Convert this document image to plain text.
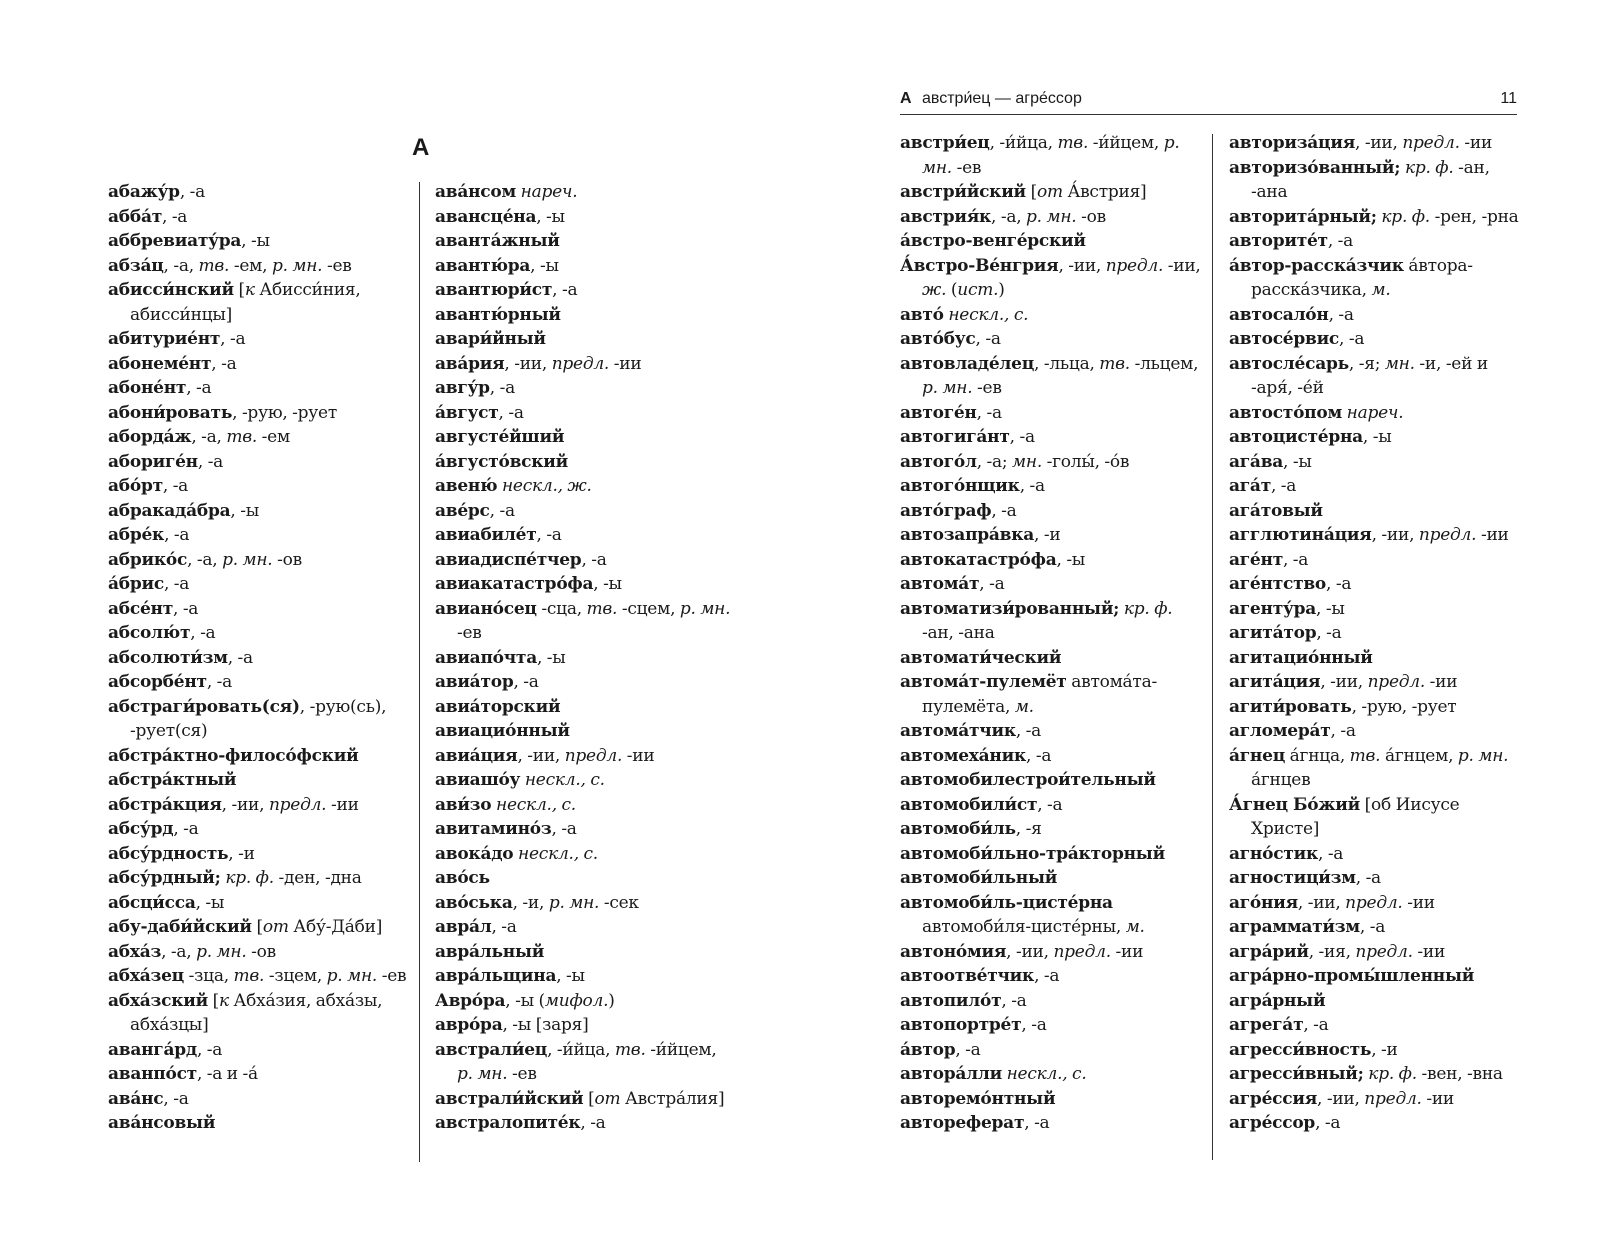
А
абажу́р, -а
абба́т, -а
аббревиату́ра, -ы
абза́ц, -а, тв. -ем, р. мн. -ев
абисси́нский [к Абисси́ния, абисси́нцы]
абитурие́нт, -а
абонеме́нт, -а
абоне́нт, -а
абони́ровать, -рую, -рует
аборда́ж, -а, тв. -ем
абориге́н, -а
або́рт, -а
абракада́бра, -ы
абре́к, -а
абрико́с, -а, р. мн. -ов
а́брис, -а
абсе́нт, -а
абсолю́т, -а
абсолюти́зм, -а
абсорбе́нт, -а
абстраги́ровать(ся), -рую(сь), -рует(ся)
абстра́ктно-филосо́фский
абстра́ктный
абстра́кция, -ии, предл. -ии
абсу́рд, -а
абсу́рдность, -и
абсу́рдный; кр. ф. -ден, -дна
абсци́сса, -ы
абу-даби́йский [от Абу́-Да́би]
абха́з, -а, р. мн. -ов
абха́зец -зца, тв. -зцем, р. мн. -ев
абха́зский [к Абха́зия, абха́зы, абха́зцы]
аванга́рд, -а
аванпо́ст, -а и -а́
ава́нс, -а
ава́нсовый
ава́нсом нареч.
авансце́на, -ы
аванта́жный
авантю́ра, -ы
авантюри́ст, -а
авантю́рный
авари́йный
ава́рия, -ии, предл. -ии
авгу́р, -а
а́вгуст, -а
августе́йший
а́вгусто́вский
авеню́ нескл., ж.
аве́рс, -а
авиабиле́т, -а
авиадиспе́тчер, -а
авиакатастро́фа, -ы
авиано́сец -сца, тв. -сцем, р. мн. -ев
авиапо́чта, -ы
авиа́тор, -а
авиа́торский
авиацио́нный
авиа́ция, -ии, предл. -ии
авиашо́у нескл., с.
ави́зо нескл., с.
авитамино́з, -а
авока́до нескл., с.
аво́сь
аво́ська, -и, р. мн. -сек
авра́л, -а
авра́льный
авра́льщина, -ы
Авро́ра, -ы (мифол.)
авро́ра, -ы [заря]
австрали́ец, -и́йца, тв. -и́йцем, р. мн. -ев
австрали́йский [от Австра́лия]
австралопите́к, -а
А австри́ец — агре́ссор	11
австри́ец, -и́йца, тв. -и́йцем, р. мн. -ев
австри́йский [от А́встрия]
австрия́к, -а, р. мн. -ов
а́встро-венге́рский
А́встро-Ве́нгрия, -ии, предл. -ии, ж. (ист.)
авто́ нескл., с.
авто́бус, -а
автовладе́лец, -льца, тв. -льцем, р. мн. -ев
автоге́н, -а
автогига́нт, -а
автого́л, -а; мн. -голы́, -о́в
автого́нщик, -а
авто́граф, -а
автозапра́вка, -и
автокатастро́фа, -ы
автома́т, -а
автоматизи́рованный; кр. ф. -ан, -ана
автомати́ческий
автома́т-пулемёт автома́та-пулемёта, м.
автома́тчик, -а
автомеха́ник, -а
автомобилестрои́тельный
автомобили́ст, -а
автомоби́ль, -я
автомоби́льно-тра́кторный
автомоби́льный
автомоби́ль-цисте́рна автомоби́ля-цисте́рны, м.
автоно́мия, -ии, предл. -ии
автоотве́тчик, -а
автопило́т, -а
автопортре́т, -а
а́втор, -а
автора́лли нескл., с.
авторемо́нтный
автореферат, -а
авториза́ция, -ии, предл. -ии
авторизо́ванный; кр. ф. -ан, -ана
авторита́рный; кр. ф. -рен, -рна
авторите́т, -а
а́втор-расска́зчик а́втора-расска́зчика, м.
автосало́н, -а
автосе́рвис, -а
автосле́сарь, -я; мн. -и, -ей и -аря́, -е́й
автосто́пом нареч.
автоцисте́рна, -ы
ага́ва, -ы
ага́т, -а
ага́товый
агглютина́ция, -ии, предл. -ии
аге́нт, -а
аге́нтство, -а
агенту́ра, -ы
агита́тор, -а
агитацио́нный
агита́ция, -ии, предл. -ии
агити́ровать, -рую, -рует
агломера́т, -а
а́гнец а́гнца, тв. а́гнцем, р. мн. а́гнцев
А́гнец Бо́жий [об Иисусе Христе]
агно́стик, -а
агностици́зм, -а
аго́ния, -ии, предл. -ии
аграммати́зм, -а
агра́рий, -ия, предл. -ии
агра́рно-промы́шленный
агра́рный
агрега́т, -а
агресси́вность, -и
агресси́вный; кр. ф. -вен, -вна
агре́ссия, -ии, предл. -ии
агре́ссор, -а
